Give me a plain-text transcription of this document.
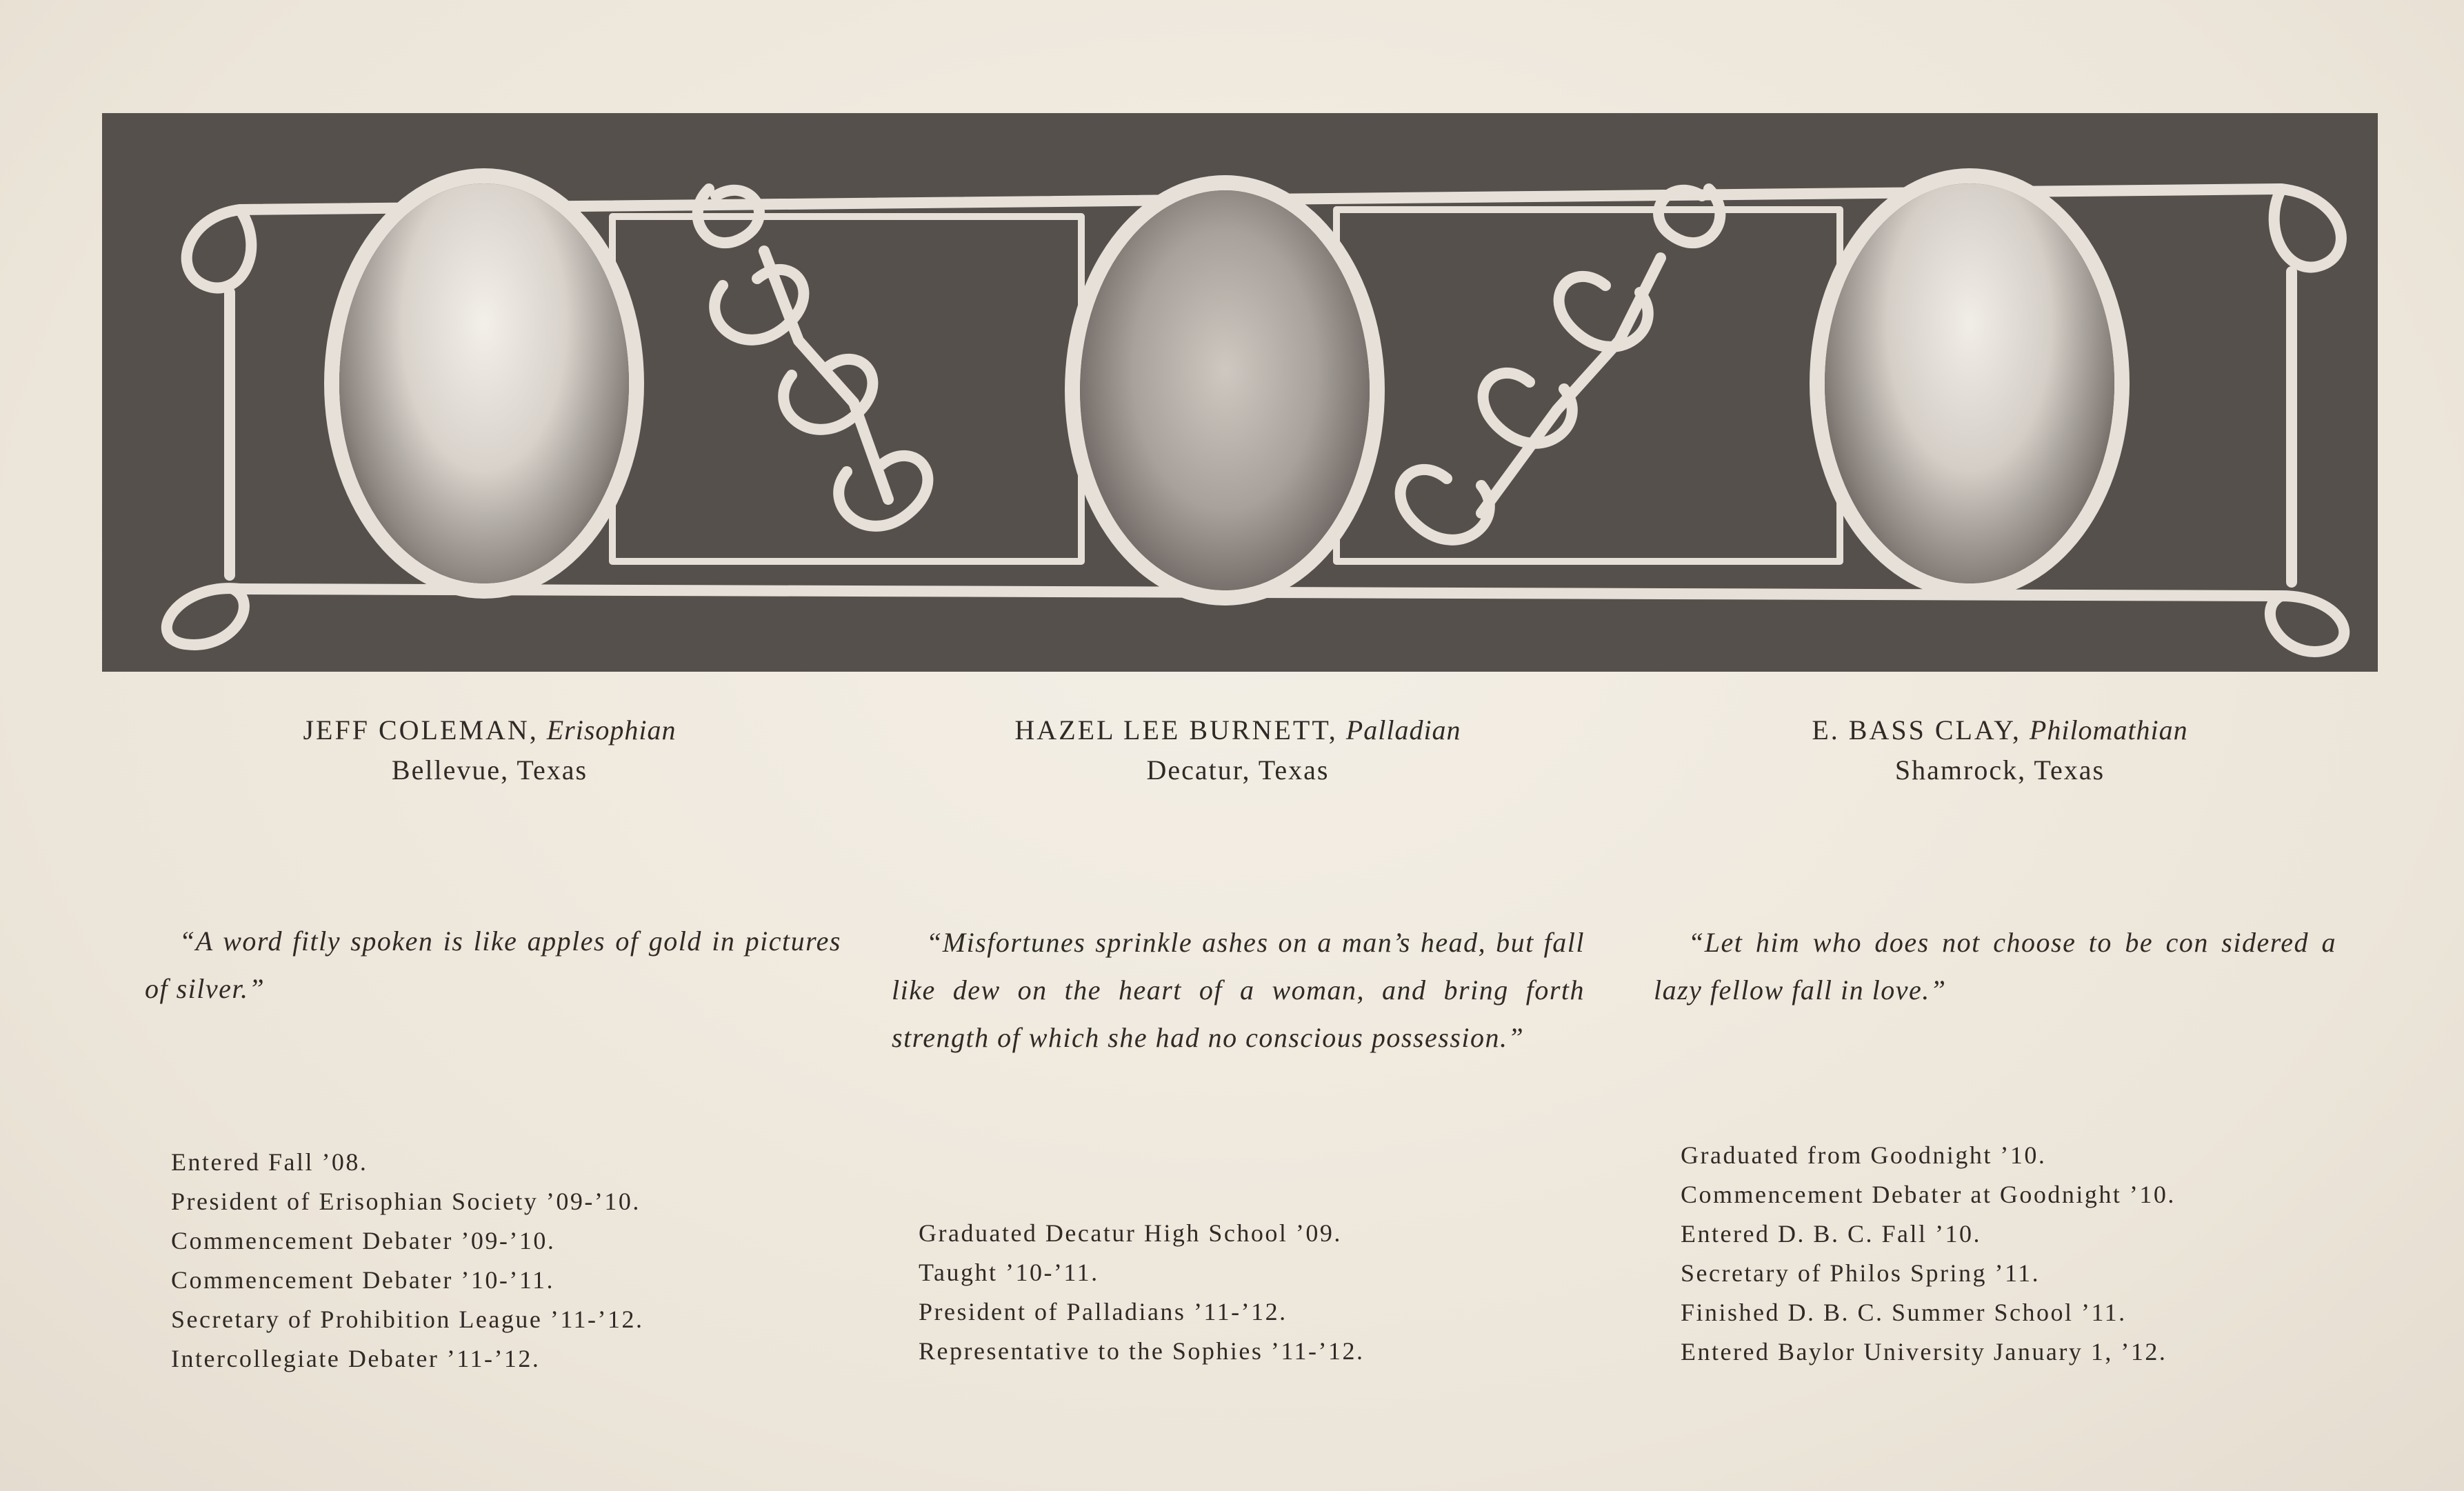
JEFF COLEMAN, Erisophian
Bellevue, Texas
HAZEL LEE BURNETT, Palladian
Decatur, Texas
E. BASS CLAY, Philomathian
Shamrock, Texas

“A word fitly spoken is like apples of gold in pictures of silver.”

“Misfortunes sprinkle ashes on a man’s head, but fall like dew on the heart of a woman, and bring forth strength of which she had no conscious possession.”

“Let him who does not choose to be con sidered a lazy fellow fall in love.”

Entered Fall ’08.
President of Erisophian Society ’09-’10.
Commencement Debater ’09-’10.
Commencement Debater ’10-’11.
Secretary of Prohibition League ’11-’12.
Intercollegiate Debater ’11-’12.
Graduated Decatur High School ’09.
Taught ’10-’11.
President of Palladians ’11-’12.
Representative to the Sophies ’11-’12.
Graduated from Goodnight ’10.
Commencement Debater at Goodnight ’10.
Entered D. B. C. Fall ’10.
Secretary of Philos Spring ’11.
Finished D. B. C. Summer School ’11.
Entered Baylor University January 1, ’12.
